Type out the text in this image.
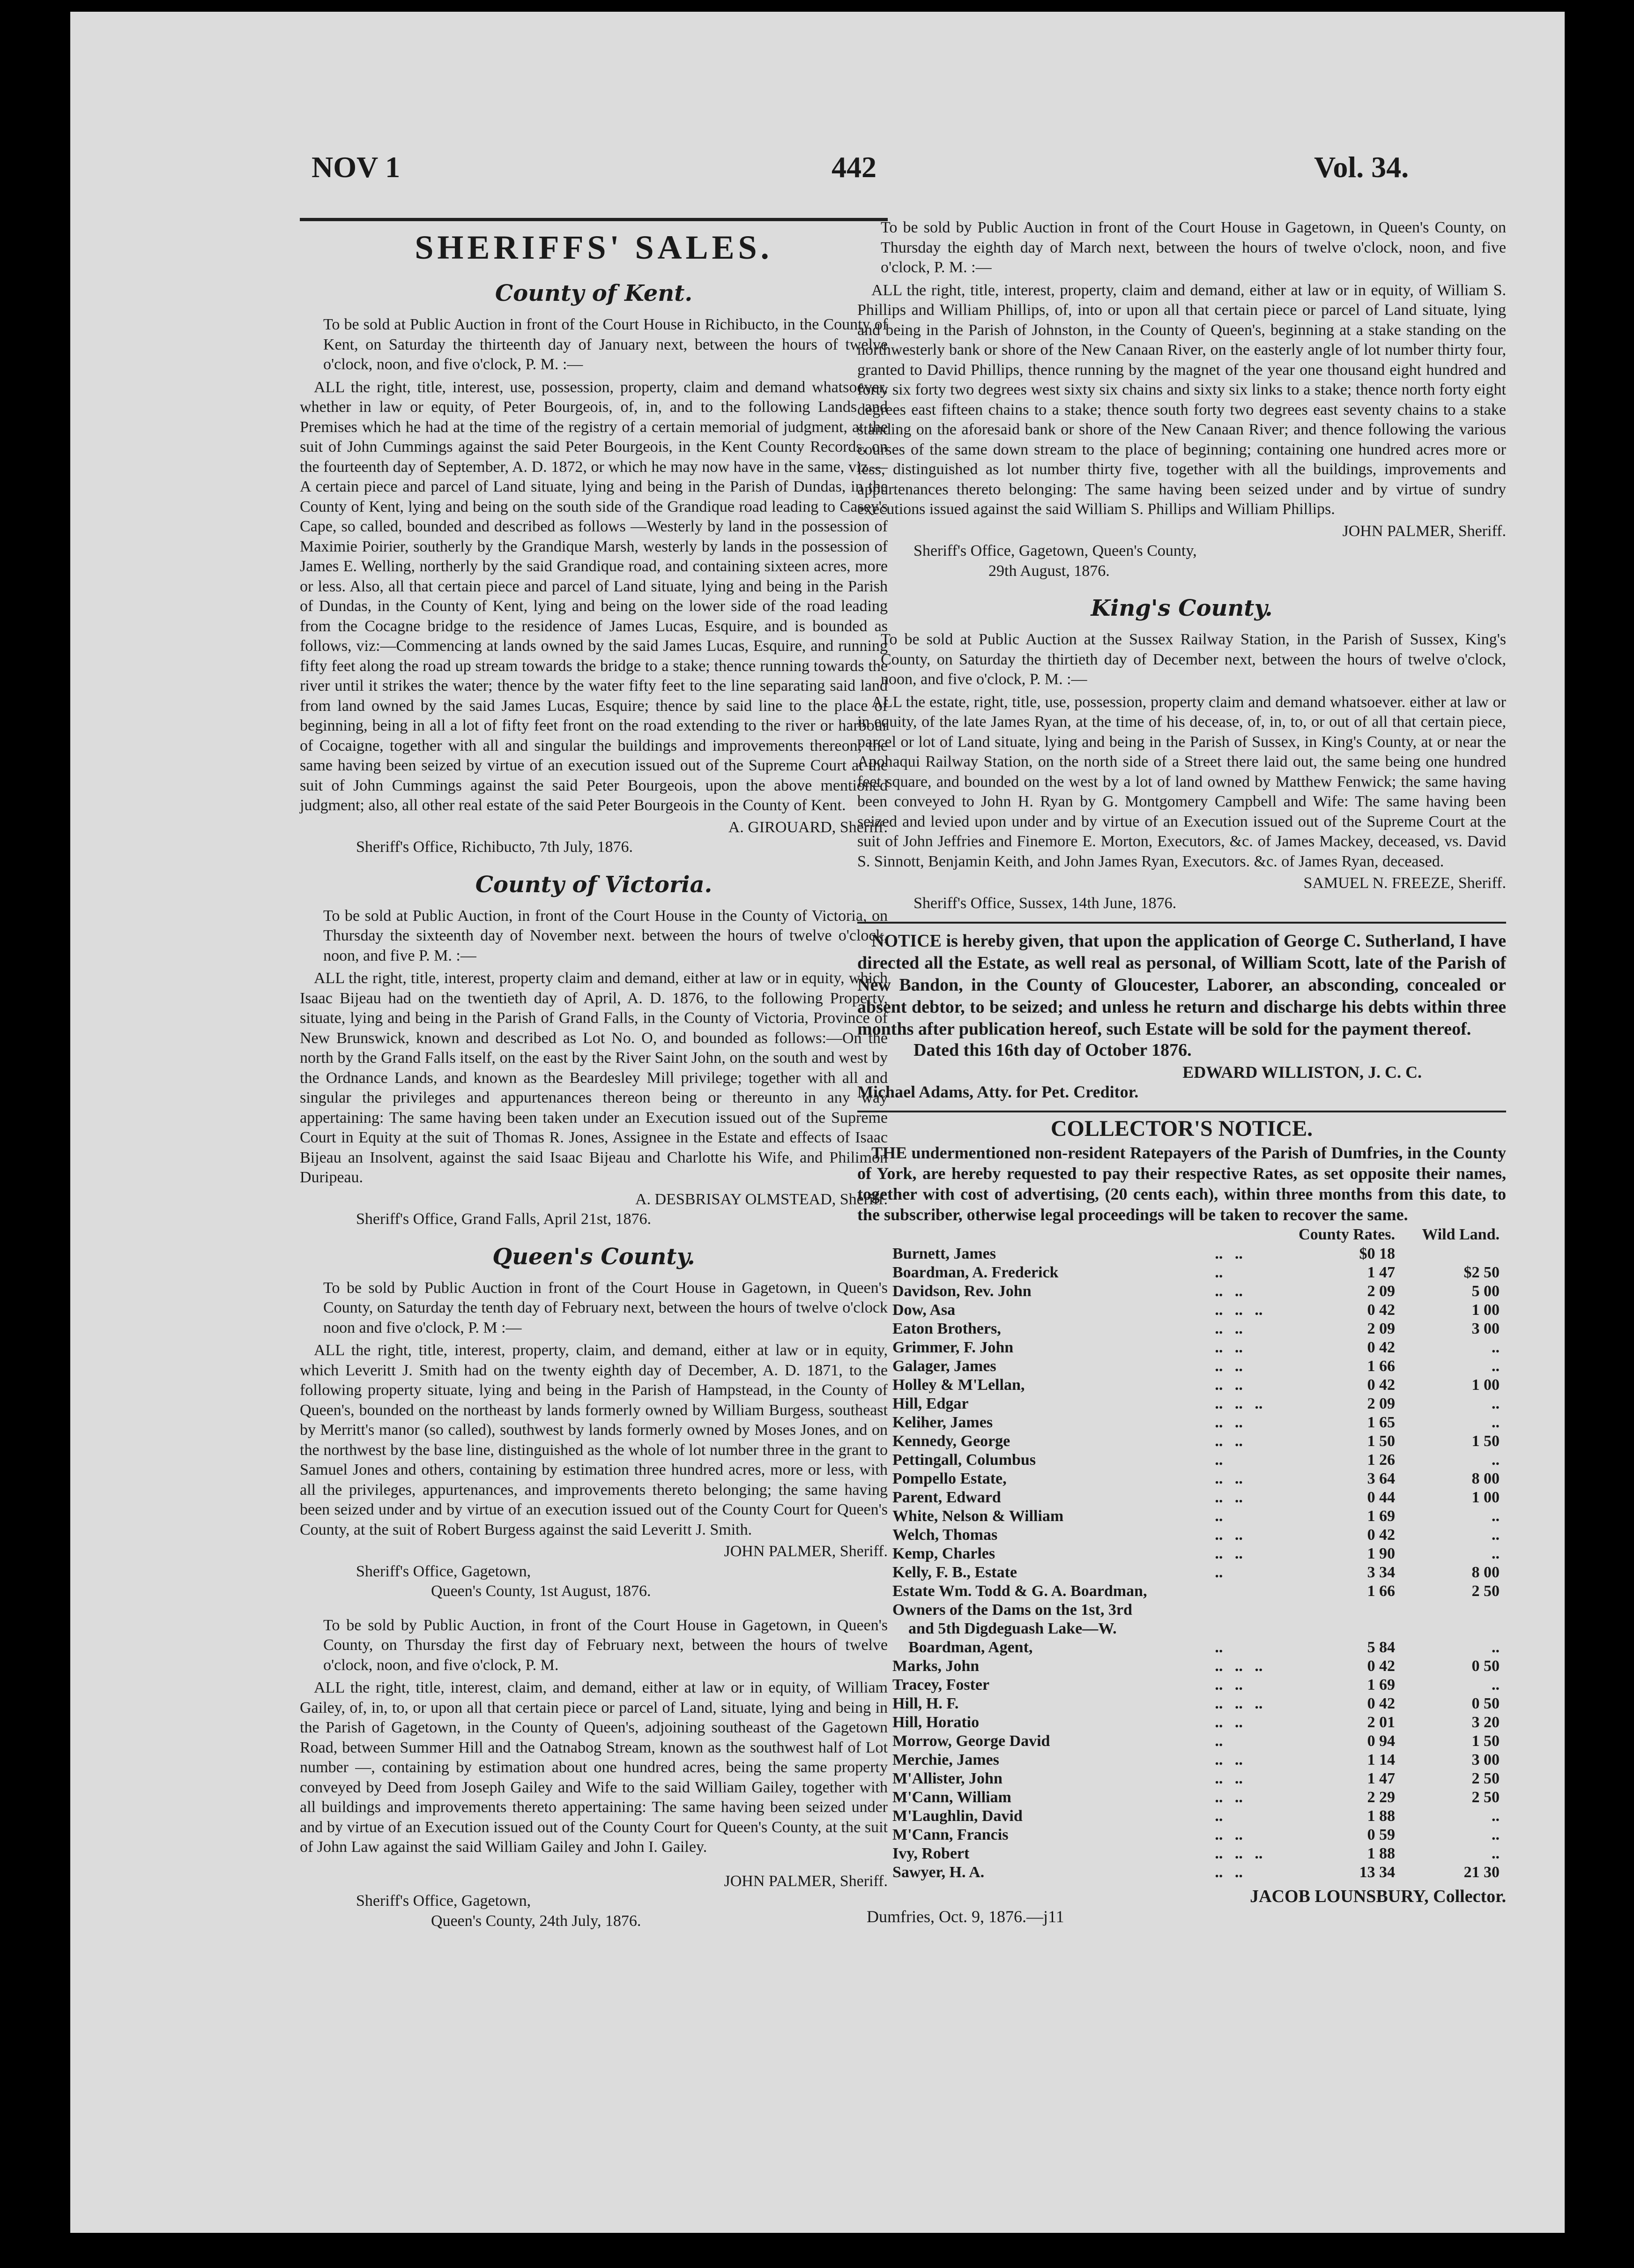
NOV 1	442	Vol. 34.
SHERIFFS' SALES.
County of Kent.

To be sold at Public Auction in front of the Court House in Richibucto, in the County of Kent, on Saturday the thirteenth day of January next, between the hours of twelve o'clock, noon, and five o'clock, P. M. :—

ALL the right, title, interest, use, possession, property, claim and demand whatsoever, whether in law or equity, of Peter Bourgeois, of, in, and to the following Lands and Premises which he had at the time of the registry of a certain memorial of judgment, at the suit of John Cummings against the said Peter Bourgeois, in the Kent County Records, on the fourteenth day of September, A. D. 1872, or which he may now have in the same, viz.—A certain piece and parcel of Land situate, lying and being in the Parish of Dundas, in the County of Kent, lying and being on the south side of the Grandique road leading to Casey's Cape, so called, bounded and described as follows —Westerly by land in the possession of Maximie Poirier, southerly by the Grandique Marsh, westerly by lands in the possession of James E. Welling, northerly by the said Grandique road, and containing sixteen acres, more or less. Also, all that certain piece and parcel of Land situate, lying and being in the Parish of Dundas, in the County of Kent, lying and being on the lower side of the road leading from the Cocagne bridge to the residence of James Lucas, Esquire, and is bounded as follows, viz:—Commencing at lands owned by the said James Lucas, Esquire, and running fifty feet along the road up stream towards the bridge to a stake; thence running towards the river until it strikes the water; thence by the water fifty feet to the line separating said land from land owned by the said James Lucas, Esquire; thence by said line to the place of beginning, being in all a lot of fifty feet front on the road extending to the river or harbour of Cocaigne, together with all and singular the buildings and improvements thereon; the same having been seized by virtue of an execution issued out of the Supreme Court at the suit of John Cummings against the said Peter Bourgeois, upon the above mentioned judgment; also, all other real estate of the said Peter Bourgeois in the County of Kent.

A. GIROUARD, Sheriff.

Sheriff's Office, Richibucto, 7th July, 1876.

County of Victoria.

To be sold at Public Auction, in front of the Court House in the County of Victoria, on Thursday the sixteenth day of November next. between the hours of twelve o'clock, noon, and five P. M. :—

ALL the right, title, interest, property claim and demand, either at law or in equity, which Isaac Bijeau had on the twentieth day of April, A. D. 1876, to the following Property, situate, lying and being in the Parish of Grand Falls, in the County of Victoria, Province of New Brunswick, known and described as Lot No. O, and bounded as follows:—On the north by the Grand Falls itself, on the east by the River Saint John, on the south and west by the Ordnance Lands, and known as the Beardesley Mill privilege; together with all and singular the privileges and appurtenances thereon being or thereunto in any way appertaining: The same having been taken under an Execution issued out of the Supreme Court in Equity at the suit of Thomas R. Jones, Assignee in the Estate and effects of Isaac Bijeau an Insolvent, against the said Isaac Bijeau and Charlotte his Wife, and Philimon Duripeau.

A. DESBRISAY OLMSTEAD, Sheriff.

Sheriff's Office, Grand Falls, April 21st, 1876.

Queen's County.

To be sold by Public Auction in front of the Court House in Gagetown, in Queen's County, on Saturday the tenth day of February next, between the hours of twelve o'clock noon and five o'clock, P. M :—

ALL the right, title, interest, property, claim, and demand, either at law or in equity, which Leveritt J. Smith had on the twenty eighth day of December, A. D. 1871, to the following property situate, lying and being in the Parish of Hampstead, in the County of Queen's, bounded on the northeast by lands formerly owned by William Burgess, southeast by Merritt's manor (so called), southwest by lands formerly owned by Moses Jones, and on the northwest by the base line, distinguished as the whole of lot number three in the grant to Samuel Jones and others, containing by estimation three hundred acres, more or less, with all the privileges, appurtenances, and improvements thereto belonging; the same having been seized under and by virtue of an execution issued out of the County Court for Queen's County, at the suit of Robert Burgess against the said Leveritt J. Smith.

JOHN PALMER, Sheriff.

Sheriff's Office, Gagetown,

Queen's County, 1st August, 1876.

To be sold by Public Auction, in front of the Court House in Gagetown, in Queen's County, on Thursday the first day of February next, between the hours of twelve o'clock, noon, and five o'clock, P. M.

ALL the right, title, interest, claim, and demand, either at law or in equity, of William Gailey, of, in, to, or upon all that certain piece or parcel of Land, situate, lying and being in the Parish of Gagetown, in the County of Queen's, adjoining southeast of the Gagetown Road, between Summer Hill and the Oatnabog Stream, known as the southwest half of Lot number —, containing by estimation about one hundred acres, being the same property conveyed by Deed from Joseph Gailey and Wife to the said William Gailey, together with all buildings and improvements thereto appertaining: The same having been seized under and by virtue of an Execution issued out of the County Court for Queen's County, at the suit of John Law against the said William Gailey and John I. Gailey.

JOHN PALMER, Sheriff.

Sheriff's Office, Gagetown,

Queen's County, 24th July, 1876.

To be sold by Public Auction in front of the Court House in Gagetown, in Queen's County, on Thursday the eighth day of March next, between the hours of twelve o'clock, noon, and five o'clock, P. M. :—

ALL the right, title, interest, property, claim and demand, either at law or in equity, of William S. Phillips and William Phillips, of, into or upon all that certain piece or parcel of Land situate, lying and being in the Parish of Johnston, in the County of Queen's, beginning at a stake standing on the northwesterly bank or shore of the New Canaan River, on the easterly angle of lot number thirty four, granted to David Phillips, thence running by the magnet of the year one thousand eight hundred and forty six forty two degrees west sixty six chains and sixty six links to a stake; thence north forty eight degrees east fifteen chains to a stake; thence south forty two degrees east seventy chains to a stake standing on the aforesaid bank or shore of the New Canaan River; and thence following the various courses of the same down stream to the place of beginning; containing one hundred acres more or less, distinguished as lot number thirty five, together with all the buildings, improvements and appurtenances thereto belonging: The same having been seized under and by virtue of sundry executions issued against the said William S. Phillips and William Phillips.

JOHN PALMER, Sheriff.

Sheriff's Office, Gagetown, Queen's County,

29th August, 1876.

King's County.

To be sold at Public Auction at the Sussex Railway Station, in the Parish of Sussex, King's County, on Saturday the thirtieth day of December next, between the hours of twelve o'clock, noon, and five o'clock, P. M. :—

ALL the estate, right, title, use, possession, property claim and demand whatsoever. either at law or in equity, of the late James Ryan, at the time of his decease, of, in, to, or out of all that certain piece, parcel or lot of Land situate, lying and being in the Parish of Sussex, in King's County, at or near the Apohaqui Railway Station, on the north side of a Street there laid out, the same being one hundred feet square, and bounded on the west by a lot of land owned by Matthew Fenwick; the same having been conveyed to John H. Ryan by G. Montgomery Campbell and Wife: The same having been seized and levied upon under and by virtue of an Execution issued out of the Supreme Court at the suit of John Jeffries and Finemore E. Morton, Executors, &c. of James Mackey, deceased, vs. David S. Sinnott, Benjamin Keith, and John James Ryan, Executors. &c. of James Ryan, deceased.

SAMUEL N. FREEZE, Sheriff.

Sheriff's Office, Sussex, 14th June, 1876.

NOTICE is hereby given, that upon the application of George C. Sutherland, I have directed all the Estate, as well real as personal, of William Scott, late of the Parish of New Bandon, in the County of Gloucester, Laborer, an absconding, concealed or absent debtor, to be seized; and unless he return and discharge his debts within three months after publication hereof, such Estate will be sold for the payment thereof.

Dated this 16th day of October 1876.

EDWARD WILLISTON, J. C. C.

Michael Adams, Atty. for Pet. Creditor.

COLLECTOR'S NOTICE.

THE undermentioned non-resident Ratepayers of the Parish of Dumfries, in the County of York, are hereby requested to pay their respective Rates, as set opposite their names, together with cost of advertising, (20 cents each), within three months from this date, to the subscriber, otherwise legal proceedings will be taken to recover the same.

		County Rates.	Wild Land.
Burnett, James	..   ..	$0 18	
Boardman, A. Frederick	..	1 47	$2 50
Davidson, Rev. John	..   ..	2 09	5 00
Dow, Asa	..   ..   ..	0 42	1 00
Eaton Brothers,	..   ..	2 09	3 00
Grimmer, F. John	..   ..	0 42	..
Galager, James	..   ..	1 66	..
Holley & M'Lellan,	..   ..	0 42	1 00
Hill, Edgar	..   ..   ..	2 09	..
Keliher, James	..   ..	1 65	..
Kennedy, George	..   ..	1 50	1 50
Pettingall, Columbus	..	1 26	..
Pompello Estate,	..   ..	3 64	8 00
Parent, Edward	..   ..	0 44	1 00
White, Nelson & William	..	1 69	..
Welch, Thomas	..   ..	0 42	..
Kemp, Charles	..   ..	1 90	..
Kelly, F. B., Estate	..	3 34	8 00
Estate Wm. Todd & G. A. Boardman,		1 66	2 50
Owners of the Dams on the 1st, 3rd			
and 5th Digdeguash Lake—W.			
Boardman, Agent,	..	5 84	..
Marks, John	..   ..   ..	0 42	0 50
Tracey, Foster	..   ..	1 69	..
Hill, H. F.	..   ..   ..	0 42	0 50
Hill, Horatio	..   ..	2 01	3 20
Morrow, George David	..	0 94	1 50
Merchie, James	..   ..	1 14	3 00
M'Allister, John	..   ..	1 47	2 50
M'Cann, William	..   ..	2 29	2 50
M'Laughlin, David	..	1 88	..
M'Cann, Francis	..   ..	0 59	..
Ivy, Robert	..   ..   ..	1 88	..
Sawyer, H. A.	..   ..	13 34	21 30

JACOB LOUNSBURY, Collector.

Dumfries, Oct. 9, 1876.—j11
